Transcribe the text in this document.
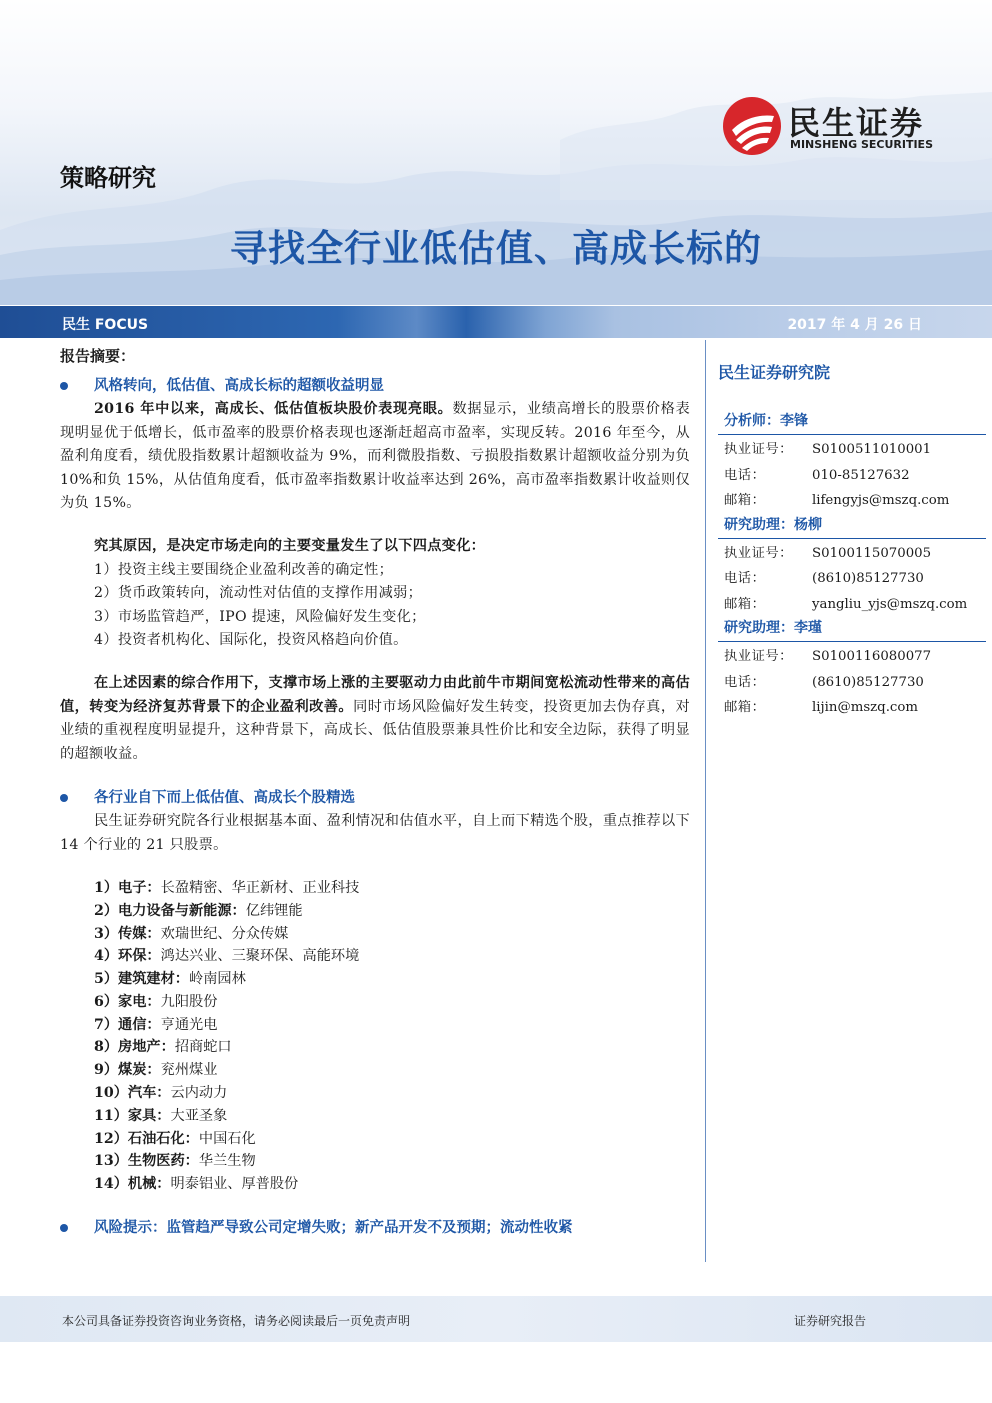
民生证券
MINSHENG SECURITIES
策略研究
寻找全行业低估值、高成长标的
民生 FOCUS	2017 年 4 月 26 日
报告摘要：
风格转向，低估值、高成长标的超额收益明显

2016 年中以来，高成长、低估值板块股价表现亮眼。数据显示，业绩高增长的股票价格表现明显优于低增长，低市盈率的股票价格表现也逐渐赶超高市盈率，实现反转。2016 年至今，从盈利角度看，绩优股指数累计超额收益为 9%，而利微股指数、亏损股指数累计超额收益分别为负 10%和负 15%，从估值角度看，低市盈率指数累计收益率达到 26%，高市盈率指数累计收益则仅为负 15%。

究其原因，是决定市场走向的主要变量发生了以下四点变化：

1）投资主线主要围绕企业盈利改善的确定性；

2）货币政策转向，流动性对估值的支撑作用减弱；

3）市场监管趋严，IPO 提速，风险偏好发生变化；

4）投资者机构化、国际化，投资风格趋向价值。

在上述因素的综合作用下，支撑市场上涨的主要驱动力由此前牛市期间宽松流动性带来的高估值，转变为经济复苏背景下的企业盈利改善。同时市场风险偏好发生转变，投资更加去伪存真，对业绩的重视程度明显提升，这种背景下，高成长、低估值股票兼具性价比和安全边际，获得了明显的超额收益。

各行业自下而上低估值、高成长个股精选

民生证券研究院各行业根据基本面、盈利情况和估值水平，自上而下精选个股，重点推荐以下 14 个行业的 21 只股票。

1）电子：长盈精密、华正新材、正业科技

2）电力设备与新能源：亿纬锂能

3）传媒：欢瑞世纪、分众传媒

4）环保：鸿达兴业、三聚环保、高能环境

5）建筑建材：岭南园林

6）家电：九阳股份

7）通信：亨通光电

8）房地产：招商蛇口

9）煤炭：兖州煤业

10）汽车：云内动力

11）家具：大亚圣象

12）石油石化：中国石化

13）生物医药：华兰生物

14）机械：明泰铝业、厚普股份

风险提示：监管趋严导致公司定增失败；新产品开发不及预期；流动性收紧
民生证券研究院
分析师：李锋
执业证号：	S0100511010001
电话：	010-85127632
邮箱：	lifengyjs@mszq.com
研究助理：杨柳
执业证号：	S0100115070005
电话：	(8610)85127730
邮箱：	yangliu_yjs@mszq.com
研究助理：李瑾
执业证号：	S0100116080077
电话：	(8610)85127730
邮箱：	lijin@mszq.com
本公司具备证券投资咨询业务资格，请务必阅读最后一页免责声明	证券研究报告
